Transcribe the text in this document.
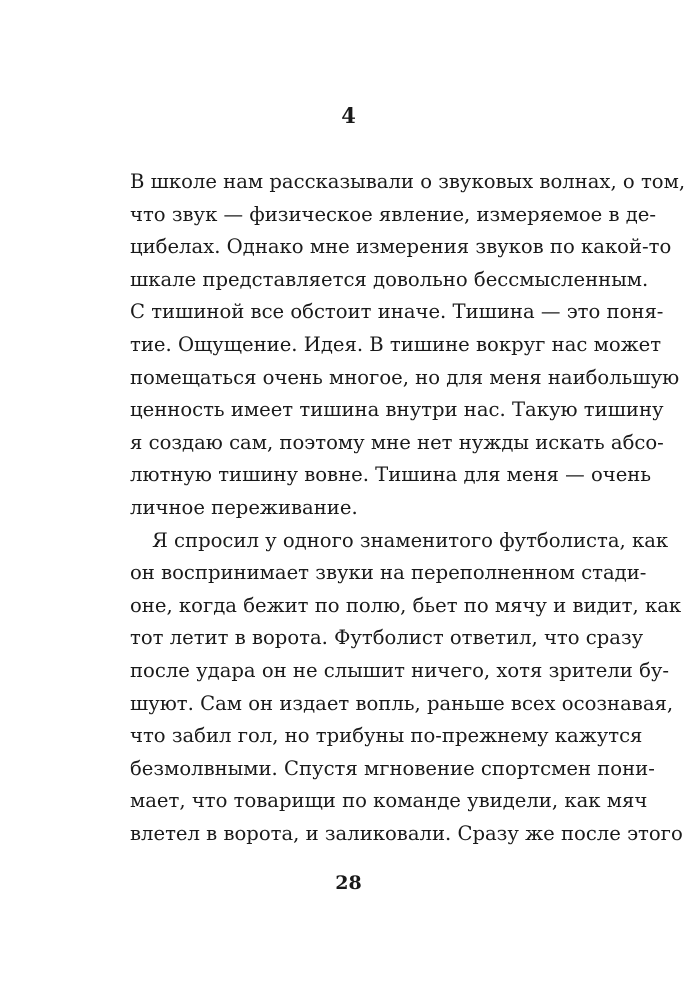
4
В школе нам рассказывали о звуковых волнах, о том,
что звук — физическое явление, измеряемое в де-
цибелах. Однако мне измерения звуков по какой-то
шкале представляется довольно бессмысленным.
С тишиной все обстоит иначе. Тишина — это поня-
тие. Ощущение. Идея. В тишине вокруг нас может
помещаться очень многое, но для меня наибольшую
ценность имеет тишина внутри нас. Такую тишину
я создаю сам, поэтому мне нет нужды искать абсо-
лютную тишину вовне. Тишина для меня — очень
личное переживание.
Я спросил у одного знаменитого футболиста, как
он воспринимает звуки на переполненном стади-
оне, когда бежит по полю, бьет по мячу и видит, как
тот летит в ворота. Футболист ответил, что сразу
после удара он не слышит ничего, хотя зрители бу-
шуют. Сам он издает вопль, раньше всех осознавая,
что забил гол, но трибуны по-прежнему кажутся
безмолвными. Спустя мгновение спортсмен пони-
мает, что товарищи по команде увидели, как мяч
влетел в ворота, и заликовали. Сразу же после этого
28
